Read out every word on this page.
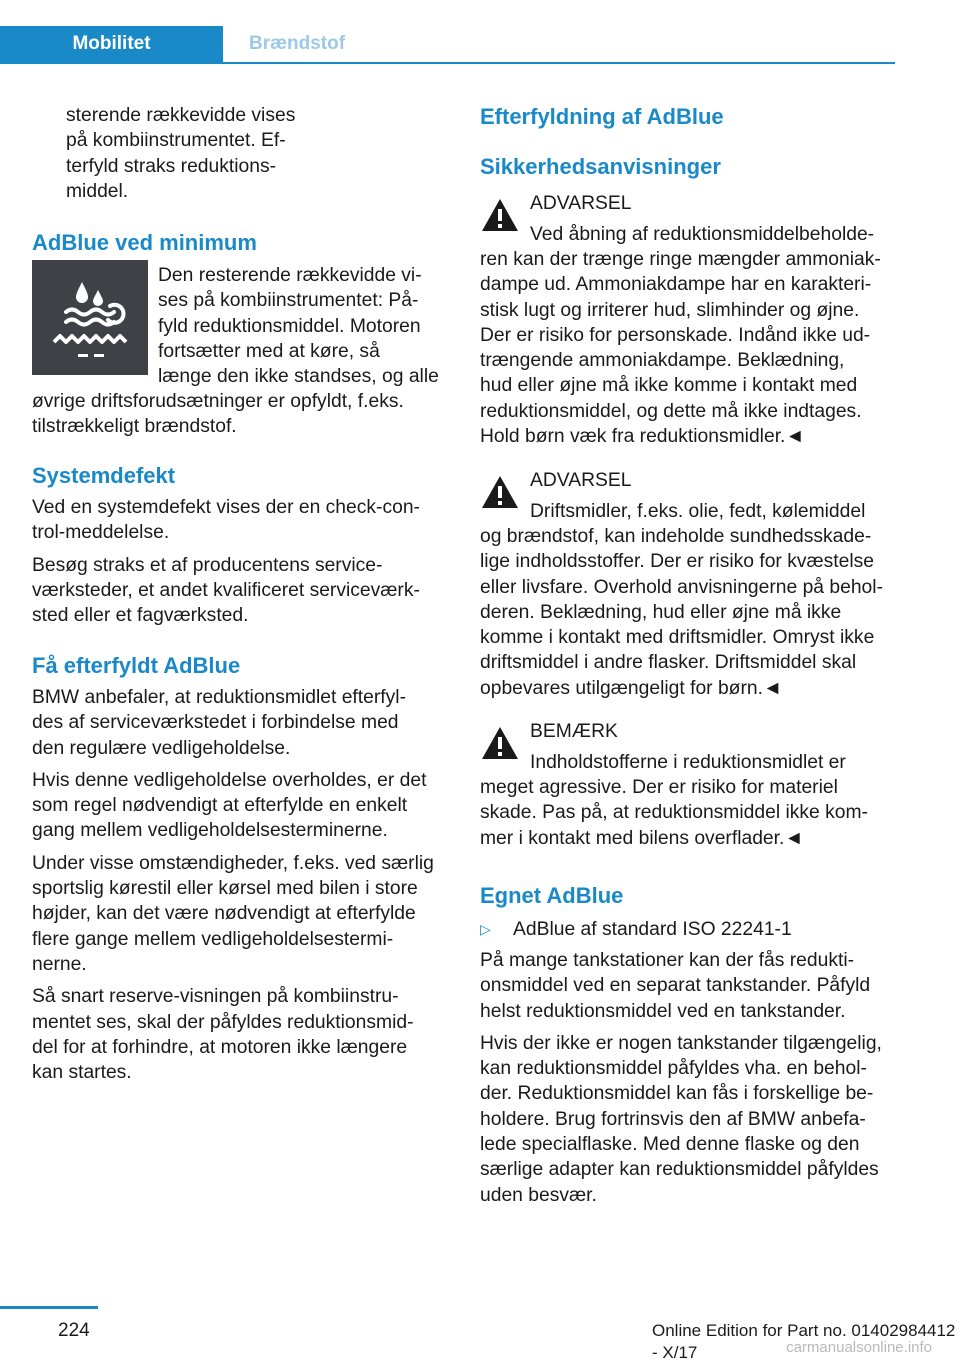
Mobilitet	Brændstof

sterende rækkevidde vises

på kombiinstrumentet. Ef-

terfyld straks reduktions-

middel.

AdBlue ved minimum

Den resterende rækkevidde vi-

ses på kombiinstrumentet: På-

fyld reduktionsmiddel. Motoren

fortsætter med at køre, så

længe den ikke standses, og alle

øvrige driftsforudsætninger er opfyldt, f.eks.

tilstrækkeligt brændstof.

Systemdefekt

Ved en systemdefekt vises der en check-con-

trol-meddelelse.

Besøg straks et af producentens service-

værksteder, et andet kvalificeret serviceværk-

sted eller et fagværksted.

Få efterfyldt AdBlue

BMW anbefaler, at reduktionsmidlet efterfyl-

des af serviceværkstedet i forbindelse med

den regulære vedligeholdelse.

Hvis denne vedligeholdelse overholdes, er det

som regel nødvendigt at efterfylde en enkelt

gang mellem vedligeholdelsesterminerne.

Under visse omstændigheder, f.eks. ved særlig

sportslig kørestil eller kørsel med bilen i store

højder, kan det være nødvendigt at efterfylde

flere gange mellem vedligeholdelsestermi-

nerne.

Så snart reserve-visningen på kombiinstru-

mentet ses, skal der påfyldes reduktionsmid-

del for at forhindre, at motoren ikke længere

kan startes.

Efterfyldning af AdBlue
Sikkerhedsanvisninger

ADVARSEL

Ved åbning af reduktionsmiddelbeholde-

ren kan der trænge ringe mængder ammoniak-

dampe ud. Ammoniakdampe har en karakteri-

stisk lugt og irriterer hud, slimhinder og øjne.

Der er risiko for personskade. Indånd ikke ud-

trængende ammoniakdampe. Beklædning,

hud eller øjne må ikke komme i kontakt med

reduktionsmiddel, og dette må ikke indtages.

Hold børn væk fra reduktionsmidler.◄

ADVARSEL

Driftsmidler, f.eks. olie, fedt, kølemiddel

og brændstof, kan indeholde sundhedsskade-

lige indholdsstoffer. Der er risiko for kvæstelse

eller livsfare. Overhold anvisningerne på behol-

deren. Beklædning, hud eller øjne må ikke

komme i kontakt med driftsmidler. Omryst ikke

driftsmiddel i andre flasker. Driftsmiddel skal

opbevares utilgængeligt for børn.◄

BEMÆRK

Indholdstofferne i reduktionsmidlet er

meget agressive. Der er risiko for materiel

skade. Pas på, at reduktionsmiddel ikke kom-

mer i kontakt med bilens overflader.◄

Egnet AdBlue
▷ AdBlue af standard ISO 22241-1

På mange tankstationer kan der fås redukti-

onsmiddel ved en separat tankstander. Påfyld

helst reduktionsmiddel ved en tankstander.

Hvis der ikke er nogen tankstander tilgængelig,

kan reduktionsmiddel påfyldes vha. en behol-

der. Reduktionsmiddel kan fås i forskellige be-

holdere. Brug fortrinsvis den af BMW anbefa-

lede specialflaske. Med denne flaske og den

særlige adapter kan reduktionsmiddel påfyldes

uden besvær.

224	Online Edition for Part no. 01402984412 - X/17	carmanualsonline.info
